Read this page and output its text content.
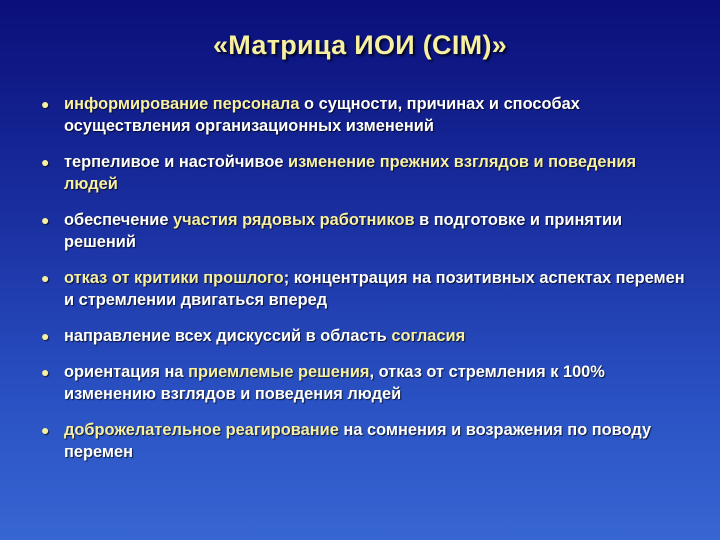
«Матрица ИОИ (CIM)»
● информирование персонала о сущности, причинах и способах осуществления организационных изменений
● терпеливое и настойчивое изменение прежних взглядов и поведения людей
● обеспечение участия рядовых работников в подготовке и принятии решений
● отказ от критики прошлого; концентрация на позитивных аспектах перемен и стремлении двигаться вперед
● направление всех дискуссий в область согласия
● ориентация на приемлемые решения, отказ от стремления к 100% изменению взглядов и поведения людей
● доброжелательное реагирование на сомнения и возражения по поводу перемен
